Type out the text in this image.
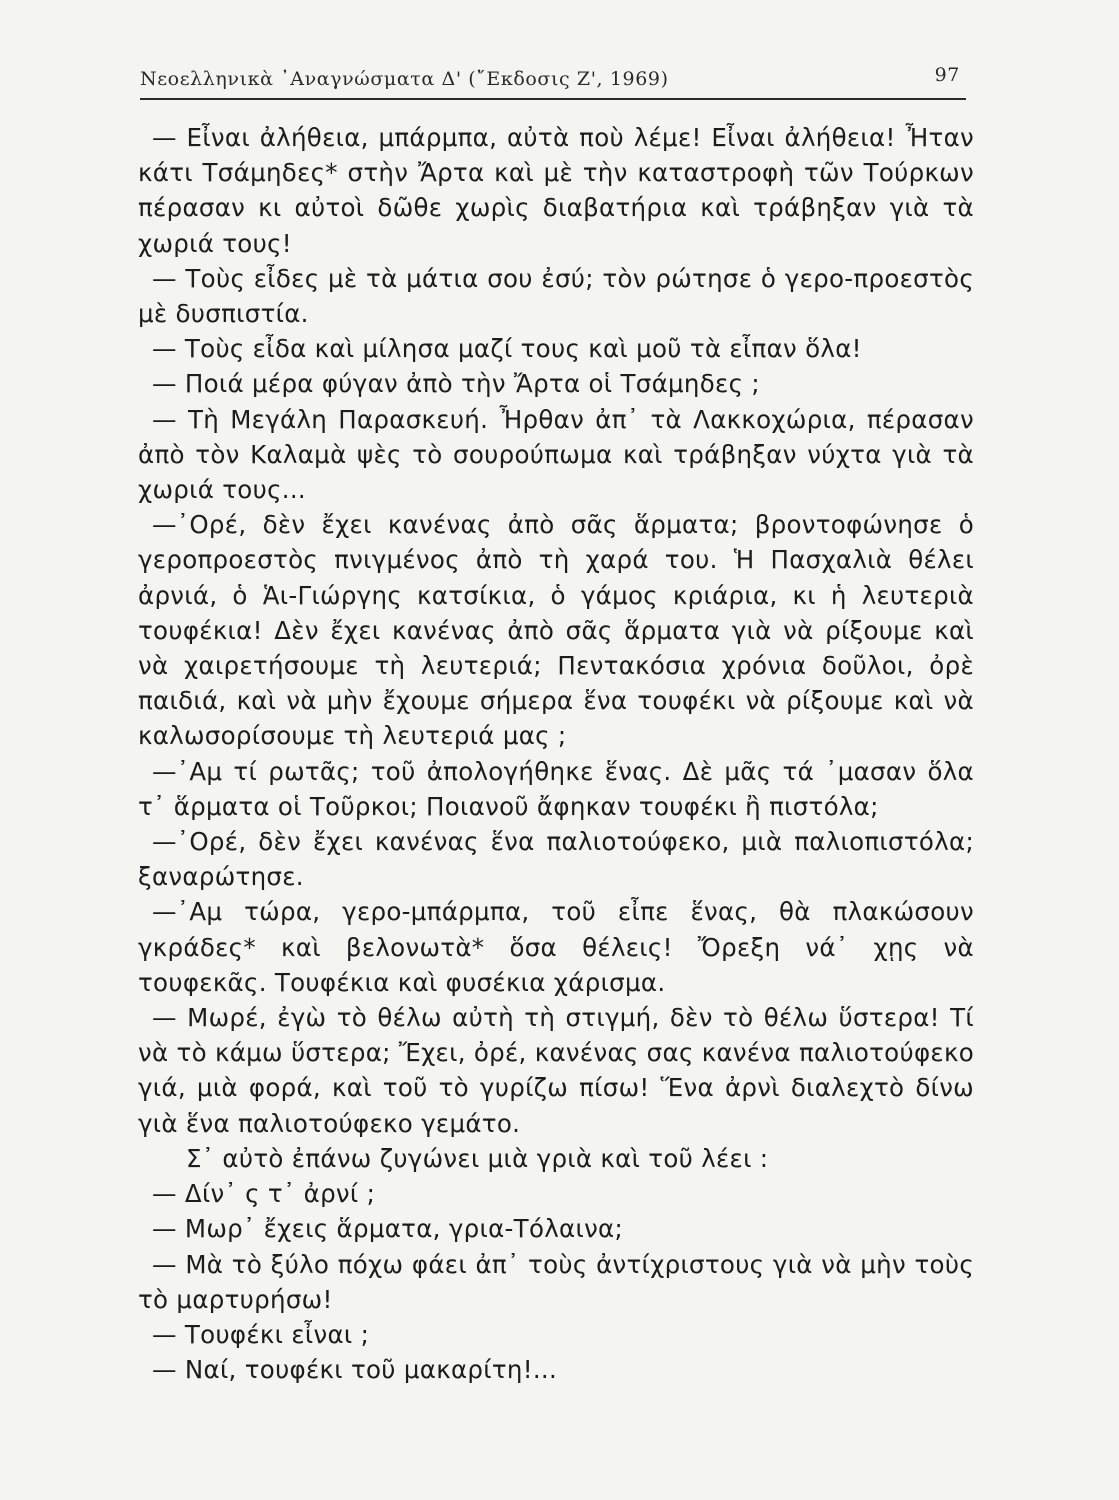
Νεοελληνικὰ ᾿Αναγνώσματα Δ' (῎Εκδοσις Ζ', 1969)	97

— Εἶναι ἀλήθεια, μπάρμπα, αὐτὰ ποὺ λέμε! Εἶναι ἀλήθεια! Ἦταν κάτι Τσάμηδες* στὴν Ἄρτα καὶ μὲ τὴν καταστροφὴ τῶν Τούρκων πέρασαν κι αὐτοὶ δῶθε χωρὶς διαβατήρια καὶ τράβηξαν γιὰ τὰ χωριά τους!

— Τοὺς εἶδες μὲ τὰ μάτια σου ἐσύ; τὸν ρώτησε ὁ γερο-προεστὸς μὲ δυσπιστία.

— Τοὺς εἶδα καὶ μίλησα μαζί τους καὶ μοῦ τὰ εἶπαν ὅλα!

— Ποιά μέρα φύγαν ἀπὸ τὴν Ἄρτα οἱ Τσάμηδες ;

— Τὴ Μεγάλη Παρασκευή. Ἦρθαν ἀπ᾿ τὰ Λακκοχώρια, πέρασαν ἀπὸ τὸν Καλαμὰ ψὲς τὸ σουρούπωμα καὶ τράβηξαν νύχτα γιὰ τὰ χωριά τους...

—᾿Ορέ, δὲν ἔχει κανένας ἀπὸ σᾶς ἅρματα; βροντοφώνησε ὁ γεροπροεστὸς πνιγμένος ἀπὸ τὴ χαρά του. Ἡ Πασχαλιὰ θέλει ἀρνιά, ὁ Ἁι-Γιώργης κατσίκια, ὁ γάμος κριάρια, κι ἡ λευτεριὰ τουφέκια! Δὲν ἔχει κανένας ἀπὸ σᾶς ἅρματα γιὰ νὰ ρίξουμε καὶ νὰ χαιρετήσουμε τὴ λευτεριά; Πεντακόσια χρόνια δοῦλοι, ὀρὲ παιδιά, καὶ νὰ μὴν ἔχουμε σήμερα ἕνα τουφέκι νὰ ρίξουμε καὶ νὰ καλωσορίσουμε τὴ λευτεριά μας ;

—᾿Αμ τί ρωτᾶς; τοῦ ἀπολογήθηκε ἕνας. Δὲ μᾶς τά ᾿μασαν ὅλα τ᾿ ἅρματα οἱ Τοῦρκοι; Ποιανοῦ ἄφηκαν τουφέκι ἢ πιστόλα;

—᾿Ορέ, δὲν ἔχει κανένας ἕνα παλιοτούφεκο, μιὰ παλιοπιστόλα; ξαναρώτησε.

—᾿Αμ τώρα, γερο-μπάρμπα, τοῦ εἶπε ἕνας, θὰ πλακώσουν γκράδες* καὶ βελονωτὰ* ὅσα θέλεις! Ὄρεξη νά᾿ χῃς νὰ τουφεκᾶς. Τουφέκια καὶ φυσέκια χάρισμα.

— Μωρέ, ἐγὼ τὸ θέλω αὐτὴ τὴ στιγμή, δὲν τὸ θέλω ὕστερα! Τί νὰ τὸ κάμω ὕστερα; Ἔχει, ὀρέ, κανένας σας κανένα παλιοτούφεκο γιά, μιὰ φορά, καὶ τοῦ τὸ γυρίζω πίσω! Ἕνα ἀρνὶ διαλεχτὸ δίνω γιὰ ἕνα παλιοτούφεκο γεμάτο.

Σ᾿ αὐτὸ ἐπάνω ζυγώνει μιὰ γριὰ καὶ τοῦ λέει :

— Δίν᾿ ς τ᾿ ἀρνί ;

— Μωρ᾿ ἔχεις ἅρματα, γρια-Τόλαινα;

— Μὰ τὸ ξύλο πόχω φάει ἀπ᾿ τοὺς ἀντίχριστους γιὰ νὰ μὴν τοὺς τὸ μαρτυρήσω!

— Τουφέκι εἶναι ;

— Ναί, τουφέκι τοῦ μακαρίτη!...
